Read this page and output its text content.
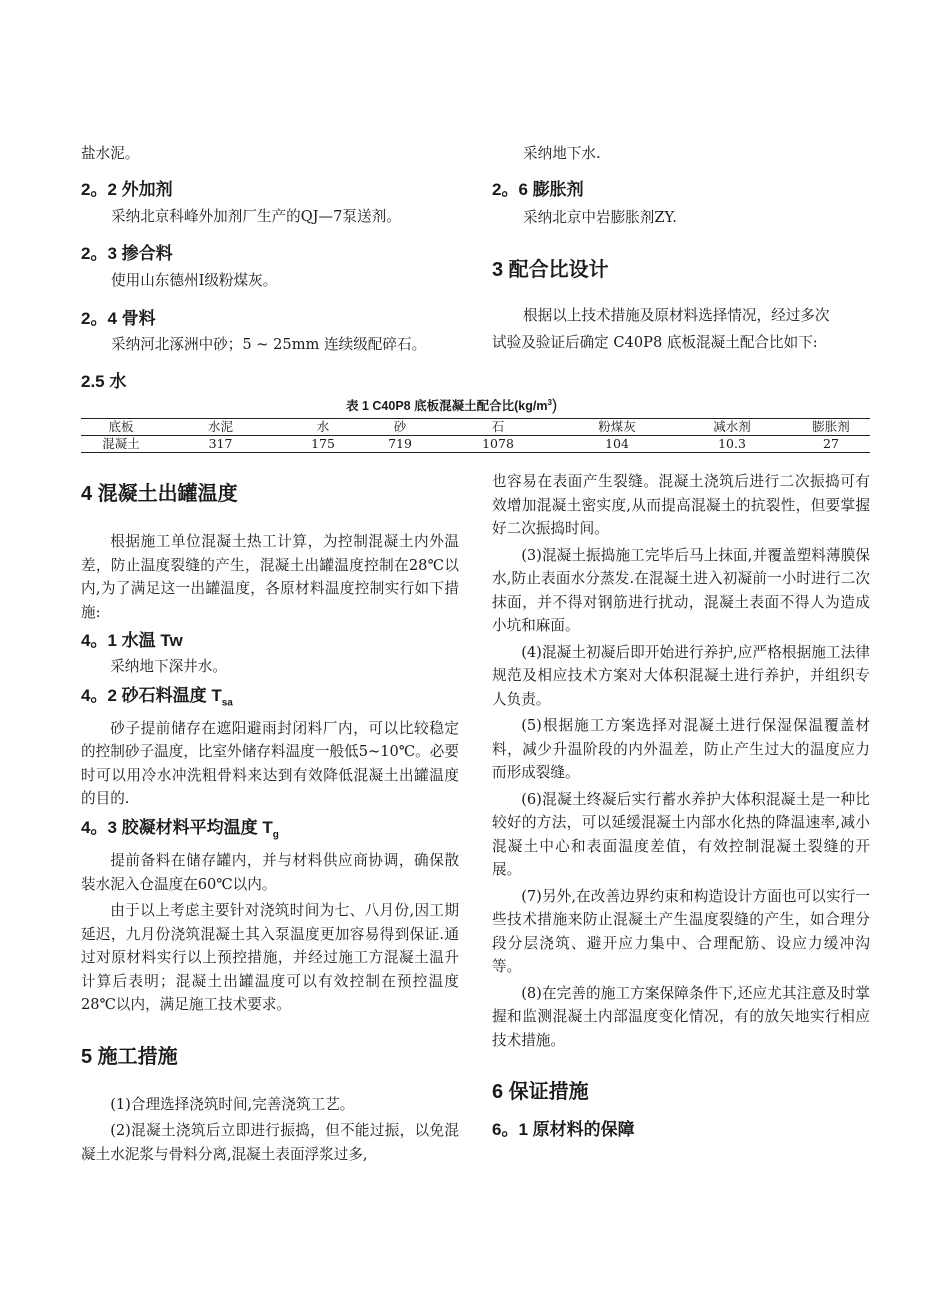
盐水泥。
2。2 外加剂
采纳北京科峰外加剂厂生产的QJ—7泵送剂。
2。3 掺合料
使用山东德州I级粉煤灰。
2。4 骨料
采纳河北涿洲中砂；5 ~ 25mm 连续级配碎石。
2.5 水
采纳地下水.
2。6 膨胀剂
采纳北京中岩膨胀剂ZY.
3 配合比设计
根据以上技术措施及原材料选择情况，经过多次
试验及验证后确定 C40P8 底板混凝土配合比如下:
表 1 C40P8 底板混凝土配合比$(kg/m^3)$
底板	水泥	水	砂	石	粉煤灰	减水剂	膨胀剂
混凝土	317	175	719	1078	104	10.3	27
4 混凝土出罐温度
根据施工单位混凝土热工计算，为控制混凝土内外温差，防止温度裂缝的产生，混凝土出罐温度控制在28℃以内,为了满足这一出罐温度，各原材料温度控制实行如下措施:
4。1 水温 Tw
采纳地下深井水。
4。2 砂石料温度 $T_{sa}$
砂子提前储存在遮阳避雨封闭料厂内，可以比较稳定的控制砂子温度，比室外储存料温度一般低5~10℃。必要时可以用冷水冲洗粗骨料来达到有效降低混凝土出罐温度的目的.
4。3 胶凝材料平均温度 $T_g$
提前备料在储存罐内，并与材料供应商协调，确保散装水泥入仓温度在60℃以内。
由于以上考虑主要针对浇筑时间为七、八月份,因工期延迟，九月份浇筑混凝土其入泵温度更加容易得到保证.通过对原材料实行以上预控措施，并经过施工方混凝土温升计算后表明；混凝土出罐温度可以有效控制在预控温度28℃以内，满足施工技术要求。
5 施工措施
(1)合理选择浇筑时间,完善浇筑工艺。
(2)混凝土浇筑后立即进行振捣，但不能过振，以免混凝土水泥浆与骨料分离,混凝土表面浮浆过多,
也容易在表面产生裂缝。混凝土浇筑后进行二次振捣可有效增加混凝土密实度,从而提高混凝土的抗裂性，但要掌握好二次振捣时间。
(3)混凝土振捣施工完毕后马上抹面,并覆盖塑料薄膜保水,防止表面水分蒸发.在混凝土进入初凝前一小时进行二次抹面，并不得对钢筋进行扰动，混凝土表面不得人为造成小坑和麻面。
(4)混凝土初凝后即开始进行养护,应严格根据施工法律规范及相应技术方案对大体积混凝土进行养护，并组织专人负责。
(5)根据施工方案选择对混凝土进行保湿保温覆盖材料，减少升温阶段的内外温差，防止产生过大的温度应力而形成裂缝。
(6)混凝土终凝后实行蓄水养护大体积混凝土是一种比较好的方法，可以延缓混凝土内部水化热的降温速率,减小混凝土中心和表面温度差值，有效控制混凝土裂缝的开展。
(7)另外,在改善边界约束和构造设计方面也可以实行一些技术措施来防止混凝土产生温度裂缝的产生，如合理分段分层浇筑、避开应力集中、合理配筋、设应力缓冲沟等。
(8)在完善的施工方案保障条件下,还应尤其注意及时掌握和监测混凝土内部温度变化情况，有的放矢地实行相应技术措施。
6 保证措施
6。1 原材料的保障
